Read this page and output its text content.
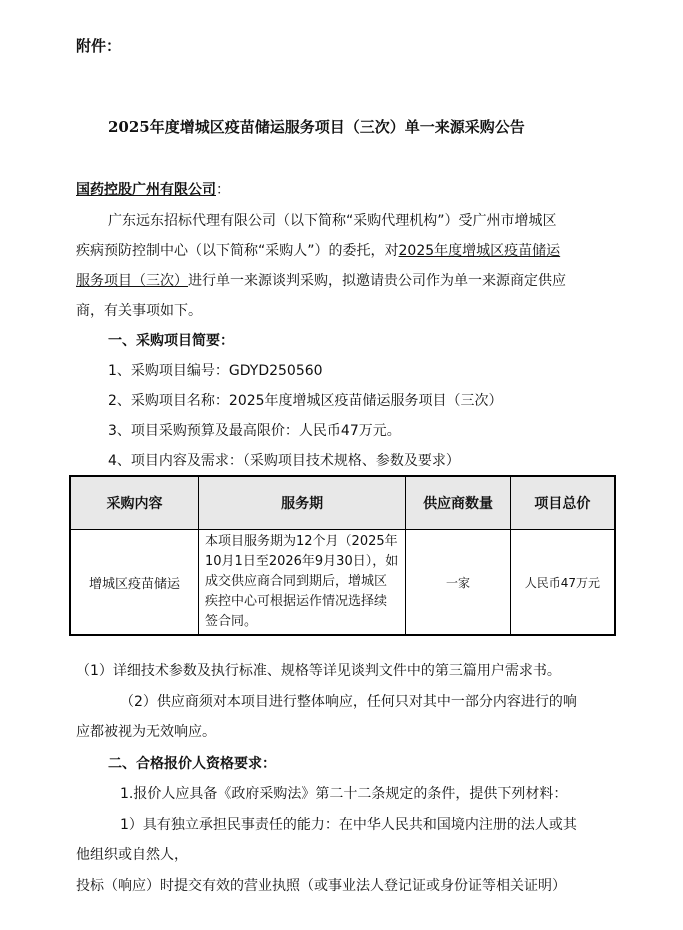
附件：
2025年度增城区疫苗储运服务项目（三次）单一来源采购公告
国药控股广州有限公司：
广东远东招标代理有限公司（以下简称“采购代理机构”）受广州市增城区
疾病预防控制中心（以下简称“采购人”）的委托，对2025年度增城区疫苗储运
服务项目（三次）进行单一来源谈判采购，拟邀请贵公司作为单一来源商定供应
商，有关事项如下。
一、采购项目简要：
1、采购项目编号：GDYD250560
2、采购项目名称：2025年度增城区疫苗储运服务项目（三次）
3、项目采购预算及最高限价：人民币47万元。
4、项目内容及需求：（采购项目技术规格、参数及要求）
采购内容	服务期	供应商数量	项目总价
增城区疫苗储运	本项目服务期为12个月（2025年10月1日至2026年9月30日），如成交供应商合同到期后，增城区疾控中心可根据运作情况选择续签合同。	一家	人民币47万元
（1）详细技术参数及执行标准、规格等详见谈判文件中的第三篇用户需求书。
（2）供应商须对本项目进行整体响应，任何只对其中一部分内容进行的响
应都被视为无效响应。
二、合格报价人资格要求：
1.报价人应具备《政府采购法》第二十二条规定的条件，提供下列材料：
1）具有独立承担民事责任的能力：在中华人民共和国境内注册的法人或其
他组织或自然人，
投标（响应）时提交有效的营业执照（或事业法人登记证或身份证等相关证明）
